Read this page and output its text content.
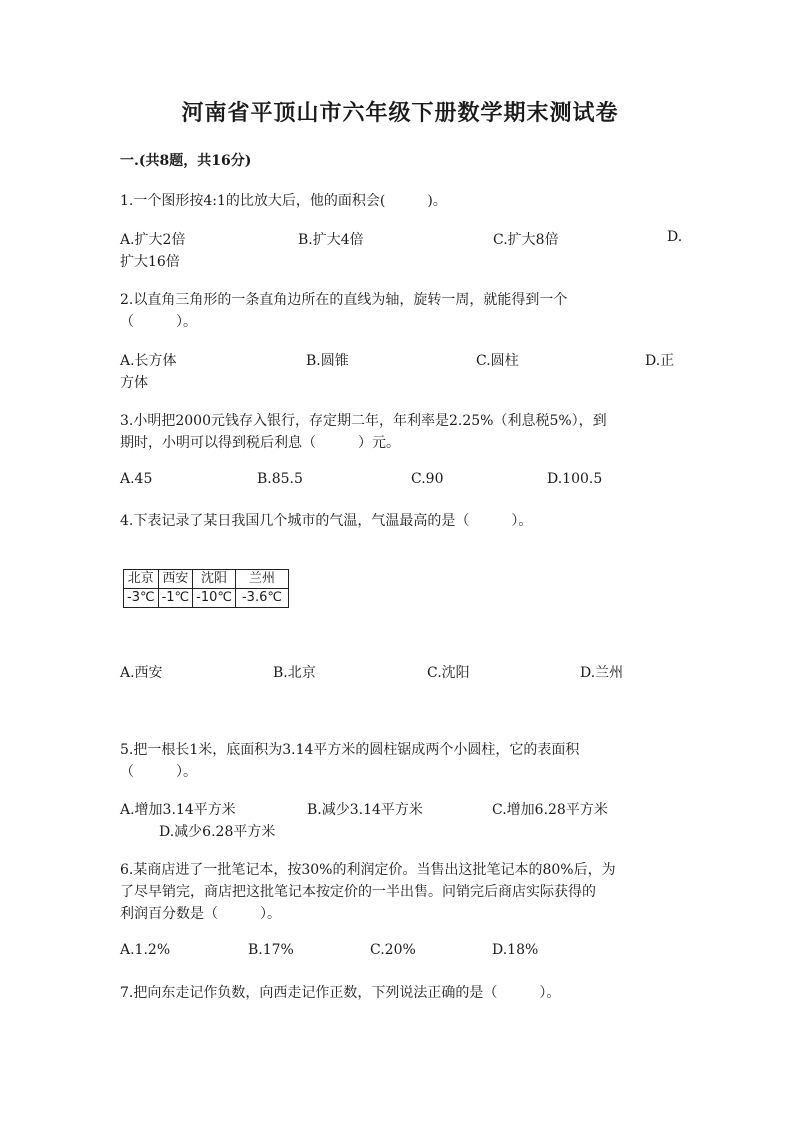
河南省平顶山市六年级下册数学期末测试卷
一.(共8题，共16分)
1.一个图形按4:1的比放大后，他的面积会(　　　)。
A.扩大2倍	B.扩大4倍	C.扩大8倍	D.
扩大16倍
2.以直角三角形的一条直角边所在的直线为轴，旋转一周，就能得到一个
（　　　）。
A.长方体	B.圆锥	C.圆柱	D.正
方体
3.小明把2000元钱存入银行，存定期二年，年利率是2.25%（利息税5%），到
期时，小明可以得到税后利息（　　　）元。
A.45	B.85.5	C.90	D.100.5
4.下表记录了某日我国几个城市的气温，气温最高的是（　　　）。
北京	西安	沈阳	兰州
-3℃	-1℃	-10℃	-3.6℃
A.西安	B.北京	C.沈阳	D.兰州
5.把一根长1米，底面积为3.14平方米的圆柱锯成两个小圆柱，它的表面积
（　　　）。
A.增加3.14平方米	B.减少3.14平方米	C.增加6.28平方米
D.减少6.28平方米
6.某商店进了一批笔记本，按30%的利润定价。当售出这批笔记本的80%后，为
了尽早销完，商店把这批笔记本按定价的一半出售。问销完后商店实际获得的
利润百分数是（　　　）。
A.1.2%	B.17%	C.20%	D.18%
7.把向东走记作负数，向西走记作正数，下列说法正确的是（　　　）。
